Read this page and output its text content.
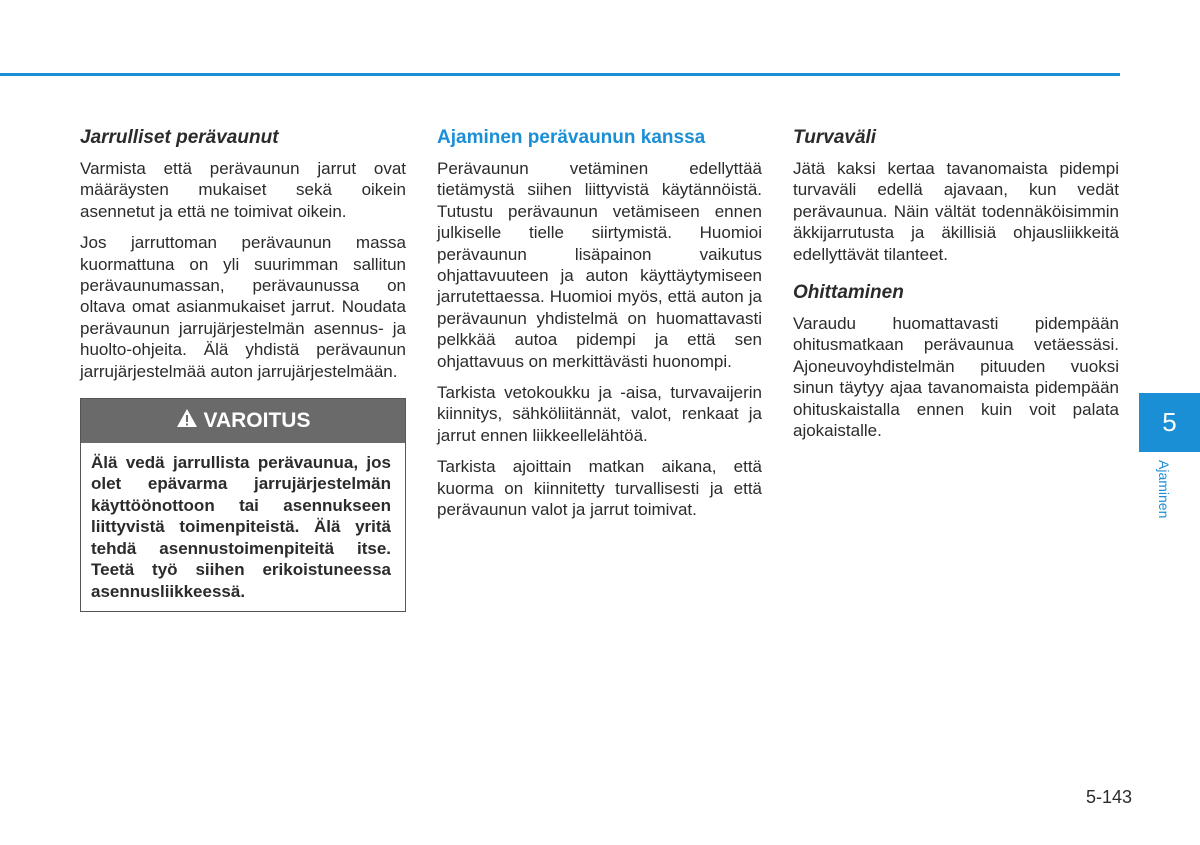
Jarrulliset perävaunut

Varmista että perävaunun jarrut ovat määräysten mukaiset sekä oikein asennetut ja että ne toimivat oikein.

Jos jarruttoman perävaunun massa kuormattuna on yli suurimman sallitun perävaunumassan, perävaunussa on oltava omat asianmukaiset jarrut. Noudata perävaunun jarrujärjestelmän asennus- ja huolto-ohjeita. Älä yhdistä perävaunun jarrujärjestelmää auton jarrujärjestelmään.

VAROITUS

Älä vedä jarrullista perävaunua, jos olet epävarma jarrujärjestelmän käyttöönottoon tai asennukseen liittyvistä toimenpiteistä. Älä yritä tehdä asennustoimenpiteitä itse. Teetä työ siihen erikoistuneessa asennusliikkeessä.

Ajaminen perävaunun kanssa

Perävaunun vetäminen edellyttää tietämystä siihen liittyvistä käytännöistä. Tutustu perävaunun vetämiseen ennen julkiselle tielle siirtymistä. Huomioi perävaunun lisäpainon vaikutus ohjattavuuteen ja auton käyttäytymiseen jarrutettaessa. Huomioi myös, että auton ja perävaunun yhdistelmä on huomattavasti pelkkää autoa pidempi ja että sen ohjattavuus on merkittävästi huonompi.

Tarkista vetokoukku ja -aisa, turvavaijerin kiinnitys, sähköliitännät, valot, renkaat ja jarrut ennen liikkeellelähtöä.

Tarkista ajoittain matkan aikana, että kuorma on kiinnitetty turvallisesti ja että perävaunun valot ja jarrut toimivat.

Turvaväli

Jätä kaksi kertaa tavanomaista pidempi turvaväli edellä ajavaan, kun vedät perävaunua. Näin vältät todennäköisimmin äkkijarrutusta ja äkillisiä ohjausliikkeitä edellyttävät tilanteet.

Ohittaminen

Varaudu huomattavasti pidempään ohitusmatkaan perävaunua vetäessäsi. Ajoneuvoyhdistelmän pituuden vuoksi sinun täytyy ajaa tavanomaista pidempään ohituskaistalla ennen kuin voit palata ajokaistalle.	5
Ajaminen
5-143
